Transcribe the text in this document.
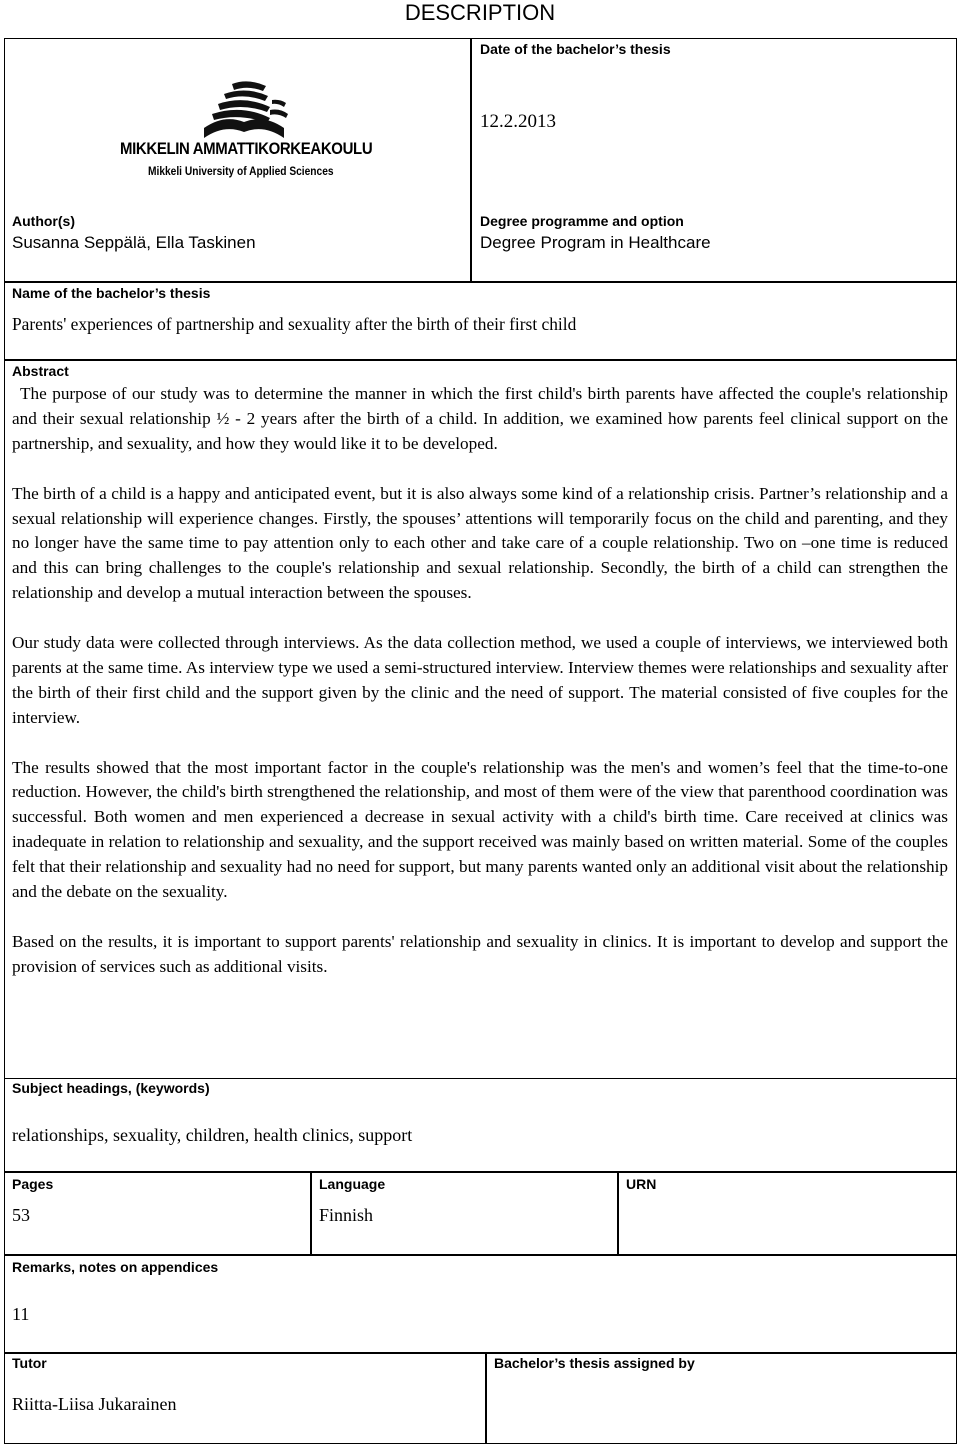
DESCRIPTION
MIKKELIN AMMATTIKORKEAKOULU
Mikkeli University of Applied Sciences
Date of the bachelor’s thesis
12.2.2013
Author(s)
Susanna Seppälä, Ella Taskinen
Degree programme and option
Degree Program in Healthcare
Name of the bachelor’s thesis
Parents' experiences of partnership and sexuality after the birth of their first child
Abstract

The purpose of our study was to determine the manner in which the first child's birth parents have affected the couple's relationship and their sexual relationship ½ - 2 years after the birth of a child. In addition, we examined how parents feel clinical support on the partnership, and sexuality, and how they would like it to be developed.

The birth of a child is a happy and anticipated event, but it is also always some kind of a relationship crisis. Partner’s relationship and a sexual relationship will experience changes. Firstly, the spouses’ attentions will temporarily focus on the child and parenting, and they no longer have the same time to pay attention only to each other and take care of a couple relationship. Two on –one time is reduced and this can bring challenges to the couple's relationship and sexual relationship. Secondly, the birth of a child can strengthen the relationship and develop a mutual interaction between the spouses.

Our study data were collected through interviews. As the data collection method, we used a couple of interviews, we interviewed both parents at the same time. As interview type we used a semi-structured interview. Interview themes were relationships and sexuality after the birth of their first child and the support given by the clinic and the need of support. The material consisted of five couples for the interview.

The results showed that the most important factor in the couple's relationship was the men's and women’s feel that the time-to-one reduction. However, the child's birth strengthened the relationship, and most of them were of the view that parenthood coordination was successful. Both women and men experienced a decrease in sexual activity with a child's birth time. Care received at clinics was inadequate in relation to relationship and sexuality, and the support received was mainly based on written material. Some of the couples felt that their relationship and sexuality had no need for support, but many parents wanted only an additional visit about the relationship and the debate on the sexuality.

Based on the results, it is important to support parents' relationship and sexuality in clinics. It is important to develop and support the provision of services such as additional visits.

Subject headings, (keywords)
relationships, sexuality, children, health clinics, support
Pages
53
Language
Finnish
URN
Remarks, notes on appendices
11
Tutor
Riitta-Liisa Jukarainen
Bachelor’s thesis assigned by
